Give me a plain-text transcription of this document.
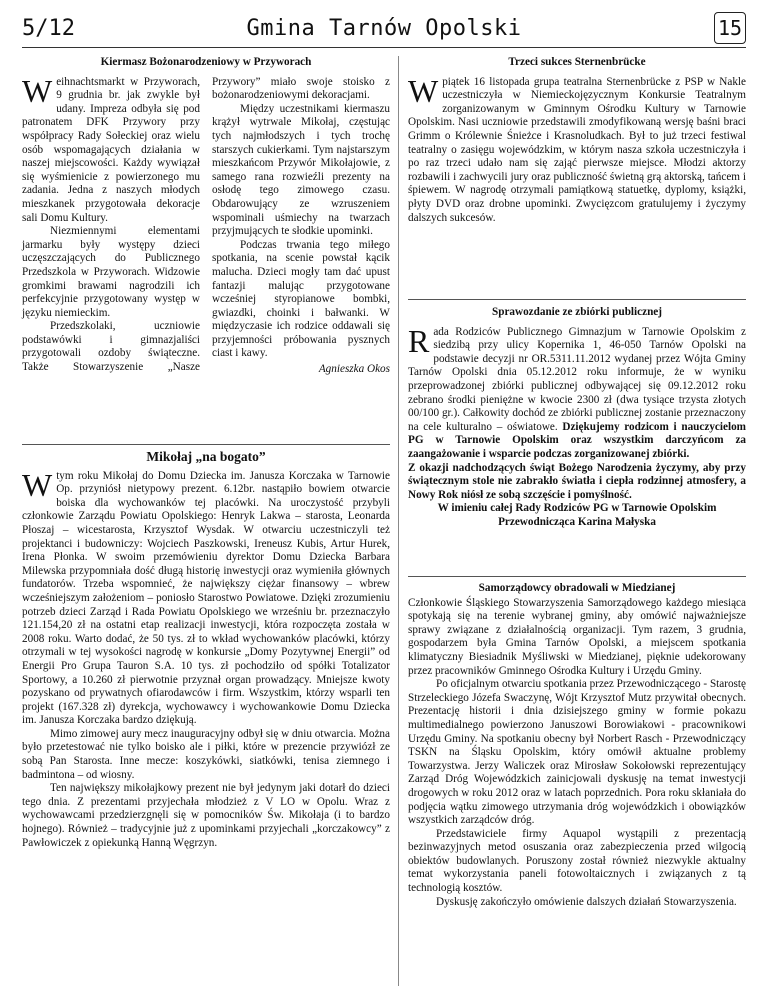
5/12	Gmina Tarnów Opolski	15
Kiermasz Bożonarodzeniowy w Przyworach

Weihnachtsmarkt w Przyworach, 9 grudnia br. jak zwykle był udany. Impreza odbyła się pod patronatem DFK Przywory przy współpracy Rady Sołeckiej oraz wielu osób wspomagających działania w naszej miejscowości. Każdy wywiązał się wyśmienicie z powierzonego mu zadania. Jedna z naszych młodych mieszkanek przygotowała dekoracje sali Domu Kultury.

Niezmiennymi elementami jarmarku były występy dzieci uczęszczających do Publicznego Przedszkola w Przyworach. Widzowie gromkimi brawami nagrodzili ich perfekcyjnie przygotowany występ w języku niemieckim.

Przedszkolaki, uczniowie podstawówki i gimnazjaliści przygotowali ozdoby świąteczne. Także Stowarzyszenie „Nasze Przywory” miało swoje stoisko z bożonarodzeniowymi dekoracjami.

Między uczestnikami kiermaszu krążył wytrwale Mikołaj, częstując tych najmłodszych i tych trochę starszych cukierkami. Tym najstarszym mieszkańcom Przywór Mikołajowie, z samego rana rozwieźli prezenty na osłodę tego zimowego czasu. Obdarowujący ze wzruszeniem wspominali uśmiechy na twarzach przyjmujących te słodkie upominki.

Podczas trwania tego miłego spotkania, na scenie powstał kącik malucha. Dzieci mogły tam dać upust fantazji malując przygotowane wcześniej styropianowe bombki, gwiazdki, choinki i bałwanki. W międzyczasie ich rodzice oddawali się przyjemności próbowania pysznych ciast i kawy.

Agnieszka Okos
Mikołaj „na bogato”

Wtym roku Mikołaj do Domu Dziecka im. Janusza Korczaka w Tarnowie Op. przyniósł nietypowy prezent. 6.12br. nastąpiło bowiem otwarcie boiska dla wychowanków tej placówki. Na uroczystość przybyli członkowie Zarządu Powiatu Opolskiego: Henryk Lakwa – starosta, Leonarda Płoszaj – wicestarosta, Krzysztof Wysdak. W otwarciu uczestniczyli też projektanci i budowniczy: Wojciech Paszkowski, Ireneusz Kubis, Artur Hurek, Irena Płonka. W swoim przemówieniu dyrektor Domu Dziecka Barbara Milewska przypomniała dość długą historię inwestycji oraz wymieniła głównych fundatorów. Trzeba wspomnieć, że największy ciężar finansowy – wbrew wcześniejszym założeniom – poniosło Starostwo Powiatowe. Dzięki zrozumieniu potrzeb dzieci Zarząd i Rada Powiatu Opolskiego we wrześniu br. przeznaczyło 121.154,20 zł na ostatni etap realizacji inwestycji, która rozpoczęta została w 2008 roku. Warto dodać, że 50 tys. zł to wkład wychowanków placówki, którzy otrzymali w tej wysokości nagrodę w konkursie „Domy Pozytywnej Energii” od Energii Pro Grupa Tauron S.A. 10 tys. zł pochodziło od spółki Totalizator Sportowy, a 10.260 zł pierwotnie przyznał organ prowadzący. Mniejsze kwoty pozyskano od prywatnych ofiarodawców i firm. Wszystkim, którzy wsparli ten projekt (167.328 zł) dyrekcja, wychowawcy i wychowankowie Domu Dziecka im. Janusza Korczaka bardzo dziękują.

Mimo zimowej aury mecz inauguracyjny odbył się w dniu otwarcia. Można było przetestować nie tylko boisko ale i piłki, które w prezencie przywiózł ze sobą Pan Starosta. Inne mecze: koszykówki, siatkówki, tenisa ziemnego i badmintona – od wiosny.

Ten największy mikołajkowy prezent nie był jedynym jaki dotarł do dzieci tego dnia. Z prezentami przyjechała młodzież z V LO w Opolu. Wraz z wychowawcami przedzierzgnęli się w pomocników Św. Mikołaja (i to bardzo hojnego). Również – tradycyjnie już z upominkami przyjechali „korczakowcy” z Pawłowiczek z opiekunką Hanną Węgrzyn.

Trzeci sukces Sternenbrücke

Wpiątek 16 listopada grupa teatralna Sternenbrücke z PSP w Nakle uczestniczyła w Niemieckojęzycznym Konkursie Teatralnym zorganizowanym w Gminnym Ośrodku Kultury w Tarnowie Opolskim. Nasi uczniowie przedstawili zmodyfikowaną wersję baśni braci Grimm o Królewnie Śnieżce i Krasnoludkach. Był to już trzeci festiwal teatralny o zasięgu wojewódzkim, w którym nasza szkoła uczestniczyła i po raz trzeci udało nam się zająć pierwsze miejsce. Młodzi aktorzy rozbawili i zachwycili jury oraz publiczność świetną grą aktorską, tańcem i śpiewem. W nagrodę otrzymali pamiątkową statuetkę, dyplomy, książki, płyty DVD oraz drobne upominki. Zwycięzcom gratulujemy i życzymy dalszych sukcesów.

Sprawozdanie ze zbiórki publicznej

Rada Rodziców Publicznego Gimnazjum w Tarnowie Opolskim z siedzibą przy ulicy Kopernika 1, 46-050 Tarnów Opolski na podstawie decyzji nr OR.5311.11.2012 wydanej przez Wójta Gminy Tarnów Opolski dnia 05.12.2012 roku informuje, że w wyniku przeprowadzonej zbiórki publicznej odbywającej się 09.12.2012 roku zebrano środki pieniężne w kwocie 2300 zł (dwa tysiące trzysta złotych 00/100 gr.). Całkowity dochód ze zbiórki publicznej zostanie przeznaczony na cele kulturalno – oświatowe. Dziękujemy rodzicom i nauczycielom PG w Tarnowie Opolskim oraz wszystkim darczyńcom za zaangażowanie i wsparcie podczas zorganizowanej zbiórki.

Z okazji nadchodzących świąt Bożego Narodzenia życzymy, aby przy świątecznym stole nie zabrakło światła i ciepła rodzinnej atmosfery, a Nowy Rok niósł ze sobą szczęście i pomyślność.

W imieniu całej Rady Rodziców PG w Tarnowie Opolskim

Przewodnicząca Karina Małyska

Samorządowcy obradowali w Miedzianej

Członkowie Śląskiego Stowarzyszenia Samorządowego każdego miesiąca spotykają się na terenie wybranej gminy, aby omówić najważniejsze sprawy związane z działalnością organizacji. Tym razem, 3 grudnia, gospodarzem była Gmina Tarnów Opolski, a miejscem spotkania klimatyczny Biesiadnik Myśliwski w Miedzianej, pięknie udekorowany przez pracowników Gminnego Ośrodka Kultury i Urzędu Gminy.

Po oficjalnym otwarciu spotkania przez Przewodniczącego - Starostę Strzeleckiego Józefa Swaczynę, Wójt Krzysztof Mutz przywitał obecnych. Prezentację historii i dnia dzisiejszego gminy w formie pokazu multimedialnego powierzono Januszowi Borowiakowi - pracownikowi Urzędu Gminy. Na spotkaniu obecny był Norbert Rasch - Przewodniczący TSKN na Śląsku Opolskim, który omówił aktualne problemy Towarzystwa. Jerzy Waliczek oraz Mirosław Sokołowski reprezentujący Zarząd Dróg Wojewódzkich zainicjowali dyskusję na temat inwestycji drogowych w roku 2012 oraz w latach poprzednich. Pora roku skłaniała do podjęcia wątku zimowego utrzymania dróg wojewódzkich i obowiązków wszystkich zarządców dróg.

Przedstawiciele firmy Aquapol wystąpili z prezentacją bezinwazyjnych metod osuszania oraz zabezpieczenia przed wilgocią obiektów budowlanych. Poruszony został również niezwykle aktualny temat wykorzystania paneli fotowoltaicznych i związanych z tą technologią kosztów.

Dyskusję zakończyło omówienie dalszych działań Stowarzyszenia.
